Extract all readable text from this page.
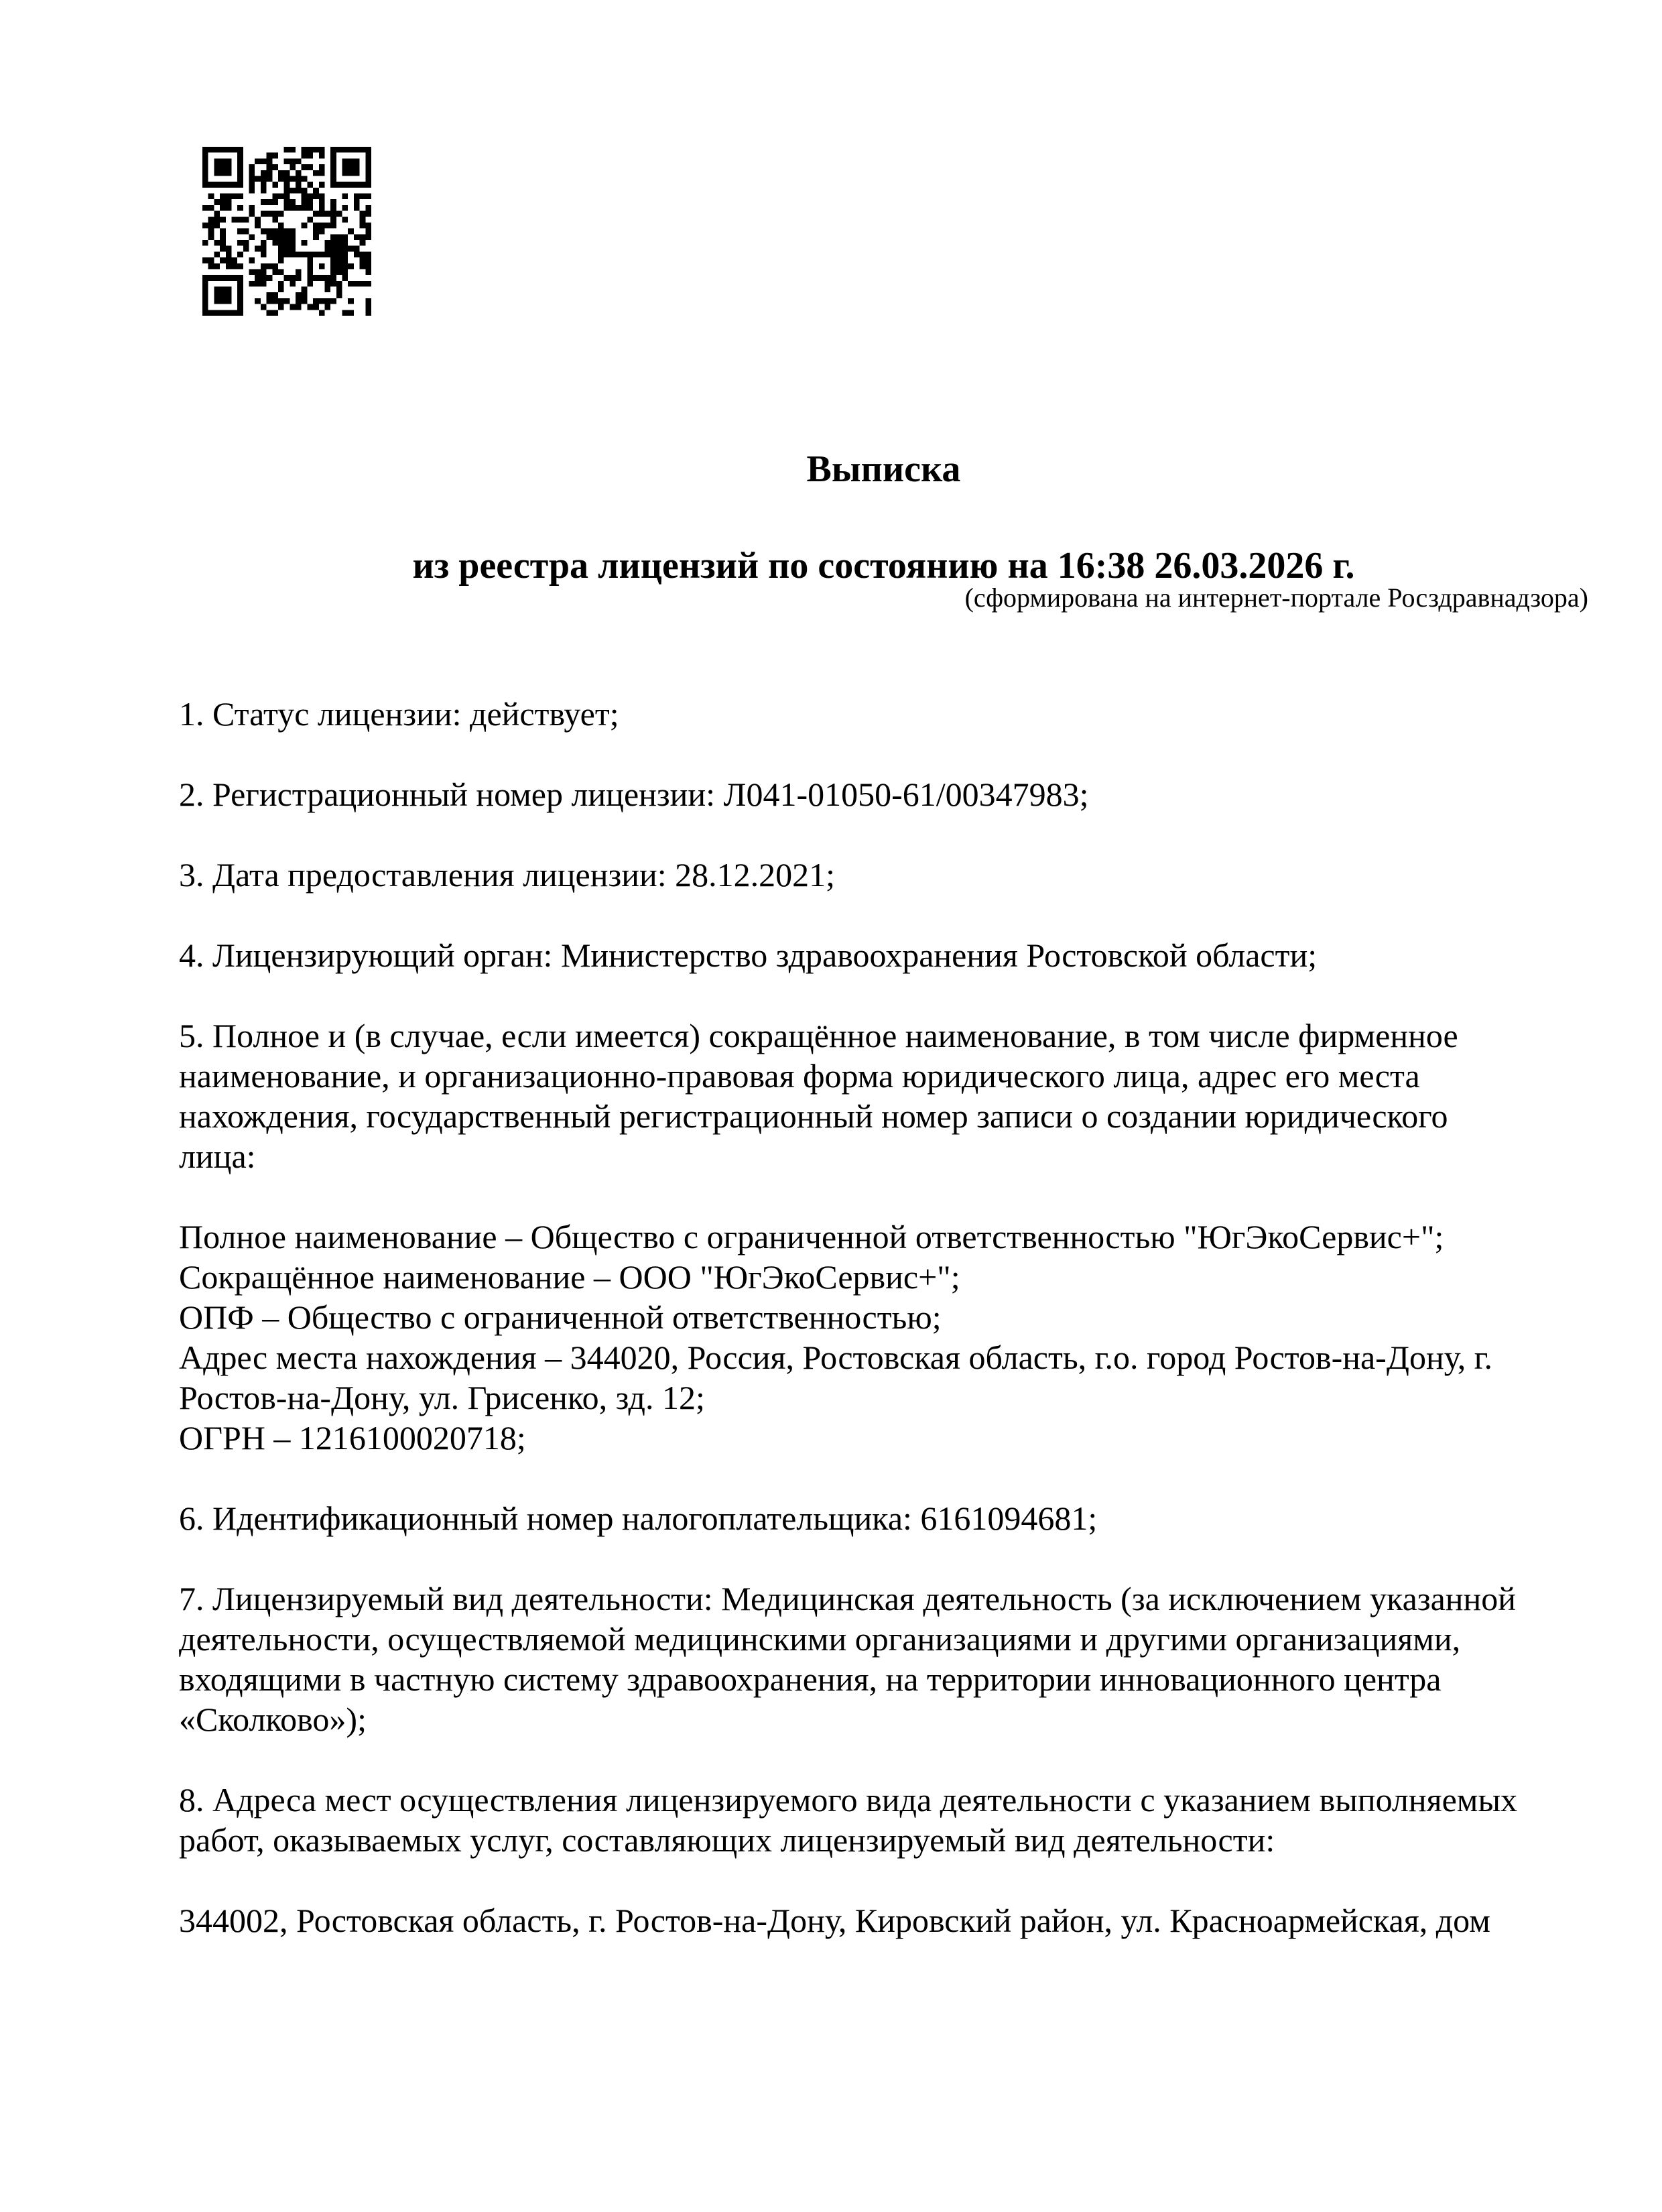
Выписка

из реестра лицензий по состоянию на 16:38 26.03.2026 г.
(сформирована на интернет-портале Росздравнадзора)

1. Статус лицензии: действует;

2. Регистрационный номер лицензии: Л041-01050-61/00347983;

3. Дата предоставления лицензии: 28.12.2021;

4. Лицензирующий орган: Министерство здравоохранения Ростовской области;

5. Полное и (в случае, если имеется) сокращённое наименование, в том числе фирменное наименование, и организационно-правовая форма юридического лица, адрес его места нахождения, государственный регистрационный номер записи о создании юридического лица:

Полное наименование – Общество с ограниченной ответственностью "ЮгЭкоСервис+";

Сокращённое наименование – ООО "ЮгЭкоСервис+";

ОПФ – Общество с ограниченной ответственностью;

Адрес места нахождения – 344020, Россия, Ростовская область, г.о. город Ростов-на-Дону, г. Ростов-на-Дону, ул. Грисенко, зд. 12;

ОГРН – 1216100020718;

6. Идентификационный номер налогоплательщика: 6161094681;

7. Лицензируемый вид деятельности: Медицинская деятельность (за исключением указанной деятельности, осуществляемой медицинскими организациями и другими организациями, входящими в частную систему здравоохранения, на территории инновационного центра «Сколково»);

8. Адреса мест осуществления лицензируемого вида деятельности с указанием выполняемых работ, оказываемых услуг, составляющих лицензируемый вид деятельности:

344002, Ростовская область, г. Ростов-на-Дону, Кировский район, ул. Красноармейская, дом
